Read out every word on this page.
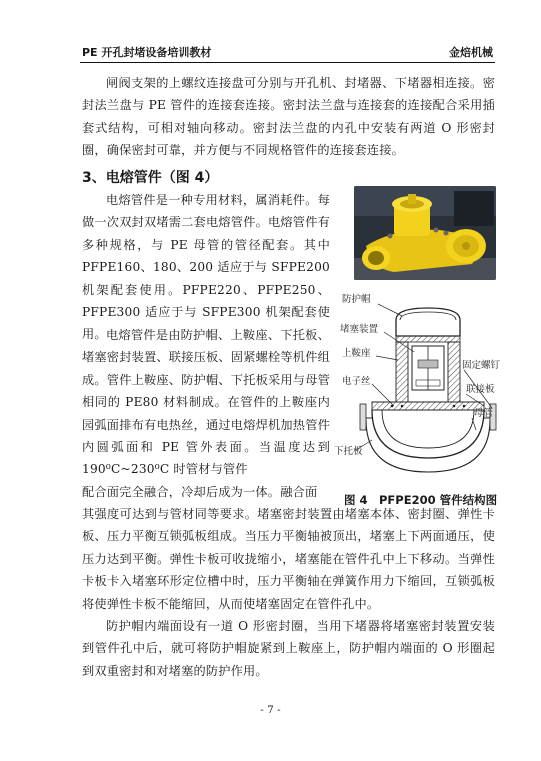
PE 开孔封堵设备培训教材	金焙机械

闸阀支架的上螺纹连接盘可分别与开孔机、封堵器、下堵器相连接。密封法兰盘与 PE 管件的连接套连接。密封法兰盘与连接套的连接配合采用插套式结构，可相对轴向移动。密封法兰盘的内孔中安装有两道 O 形密封圈，确保密封可靠，并方便与不同规格管件的连接套连接。

3、电熔管件（图 4）

电熔管件是一种专用材料，属消耗件。每做一次双封双堵需二套电熔管件。电熔管件有多种规格，与 PE 母管的管径配套。其中 PFPE160、180、200 适应于与 SFPE200 机架配套使用。PFPE220、PFPE250、PFPE300 适应于与 SFPE300 机架配套使用。

防护帽
堵塞装置
上鞍座
电子丝
下托板
固定螺钉
联接板
母管

电熔管件是由防护帽、上鞍座、下托板、堵塞密封装置、联接压板、固紧螺栓等机件组成。管件上鞍座、防护帽、下托板采用与母管相同的 PE80 材料制成。在管件的上鞍座内园弧面排布有电热丝，通过电熔焊机加热管件内圆弧面和 PE 管外表面。当温度达到 190⁰C~230⁰C 时管材与管件

配合面完全融合，冷却后成为一体。融合面

图 4　PFPE200 管件结构图

其强度可达到与管材同等要求。堵塞密封装置由堵塞本体、密封圈、弹性卡板、压力平衡互锁弧板组成。当压力平衡轴被顶出，堵塞上下两面通压，使压力达到平衡。弹性卡板可收拢缩小，堵塞能在管件孔中上下移动。当弹性卡板卡入堵塞环形定位槽中时，压力平衡轴在弹簧作用力下缩回，互锁弧板将使弹性卡板不能缩回，从而使堵塞固定在管件孔中。

防护帽内端面设有一道 O 形密封圈，当用下堵器将堵塞密封装置安装到管件孔中后，就可将防护帽旋紧到上鞍座上，防护帽内端面的 O 形圈起到双重密封和对堵塞的防护作用。

- 7 -
